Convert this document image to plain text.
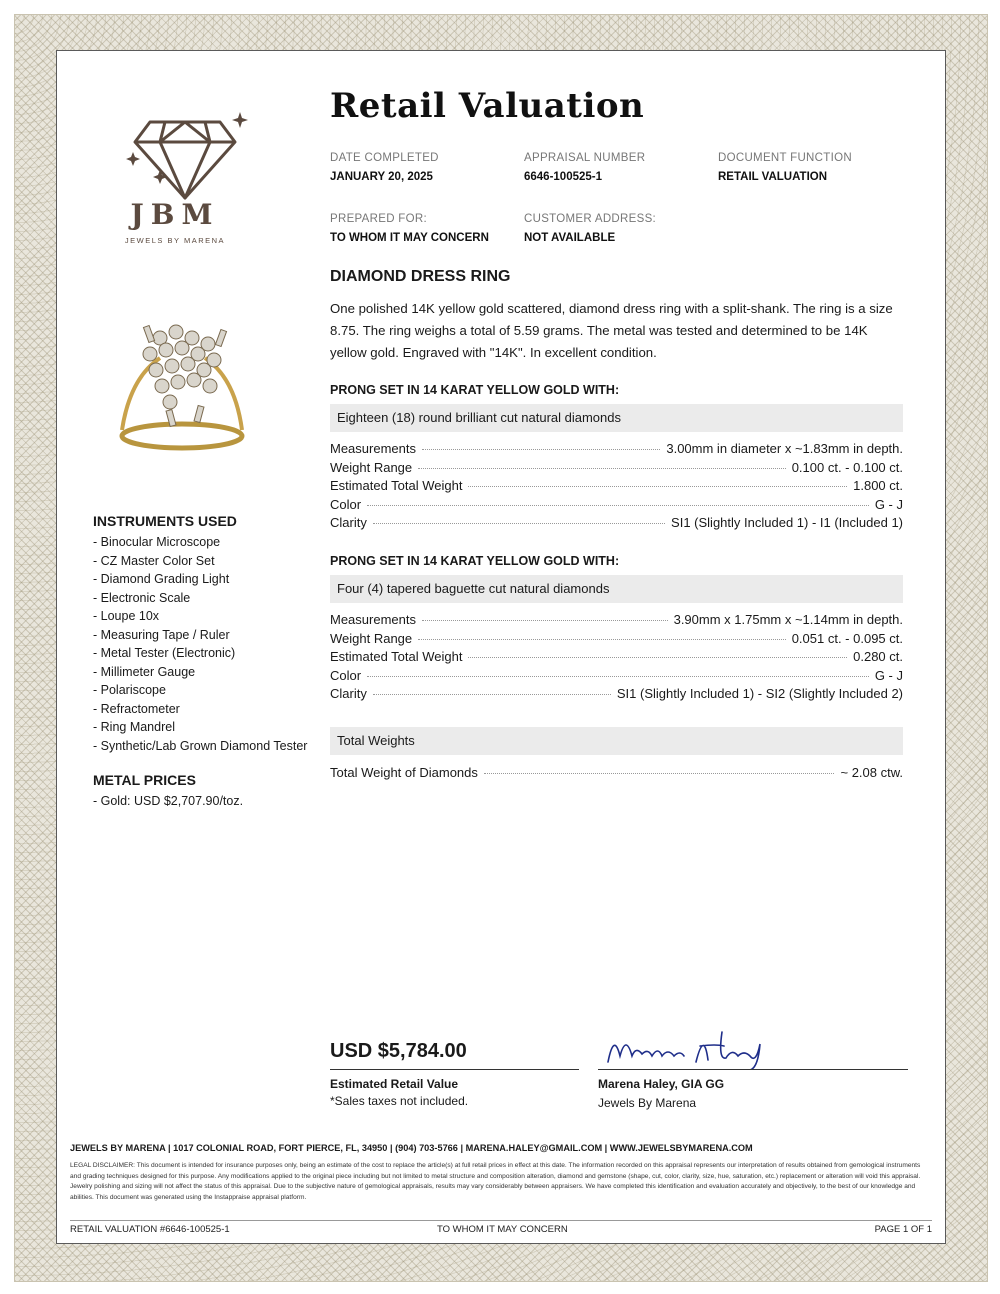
JBM
JEWELS BY MARENA
Retail Valuation
DATE COMPLETED
JANUARY 20, 2025
APPRAISAL NUMBER
6646-100525-1
DOCUMENT FUNCTION
RETAIL VALUATION
PREPARED FOR:
TO WHOM IT MAY CONCERN
CUSTOMER ADDRESS:
NOT AVAILABLE
DIAMOND DRESS RING
One polished 14K yellow gold scattered, diamond dress ring with a split-shank. The ring is a size 8.75. The ring weighs a total of 5.59 grams. The metal was tested and determined to be 14K yellow gold. Engraved with "14K". In excellent condition.
PRONG SET IN 14 KARAT YELLOW GOLD WITH:
Eighteen (18) round brilliant cut natural diamonds
Measurements	3.00mm in diameter x ~1.83mm in depth.
Weight Range	0.100 ct. - 0.100 ct.
Estimated Total Weight	1.800 ct.
Color	G - J
Clarity	SI1 (Slightly Included 1) - I1 (Included 1)
PRONG SET IN 14 KARAT YELLOW GOLD WITH:
Four (4) tapered baguette cut natural diamonds
Measurements	3.90mm x 1.75mm x ~1.14mm in depth.
Weight Range	0.051 ct. - 0.095 ct.
Estimated Total Weight	0.280 ct.
Color	G - J
Clarity	SI1 (Slightly Included 1) - SI2 (Slightly Included 2)
Total Weights
Total Weight of Diamonds	~ 2.08 ctw.
INSTRUMENTS USED
- Binocular Microscope
- CZ Master Color Set
- Diamond Grading Light
- Electronic Scale
- Loupe 10x
- Measuring Tape / Ruler
- Metal Tester (Electronic)
- Millimeter Gauge
- Polariscope
- Refractometer
- Ring Mandrel
- Synthetic/Lab Grown Diamond Tester
METAL PRICES
- Gold: USD $2,707.90/toz.
USD $5,784.00
Estimated Retail Value
*Sales taxes not included.
Marena Haley, GIA GG
Jewels By Marena
JEWELS BY MARENA | 1017 COLONIAL ROAD, FORT PIERCE, FL, 34950 | (904) 703-5766 | MARENA.HALEY@GMAIL.COM | WWW.JEWELSBYMARENA.COM
LEGAL DISCLAIMER: This document is intended for insurance purposes only, being an estimate of the cost to replace the article(s) at full retail prices in effect at this date. The information recorded on this appraisal represents our interpretation of results obtained from gemological instruments and grading techniques designed for this purpose. Any modifications applied to the original piece including but not limited to metal structure and composition alteration, diamond and gemstone (shape, cut, color, clarity, size, hue, saturation, etc.) replacement or alteration will void this appraisal. Jewelry polishing and sizing will not affect the status of this appraisal. Due to the subjective nature of gemological appraisals, results may vary considerably between appraisers. We have completed this identification and evaluation accurately and objectively, to the best of our knowledge and abilities. This document was generated using the Instappraise appraisal platform.
RETAIL VALUATION #6646-100525-1	TO WHOM IT MAY CONCERN	PAGE 1 OF 1
